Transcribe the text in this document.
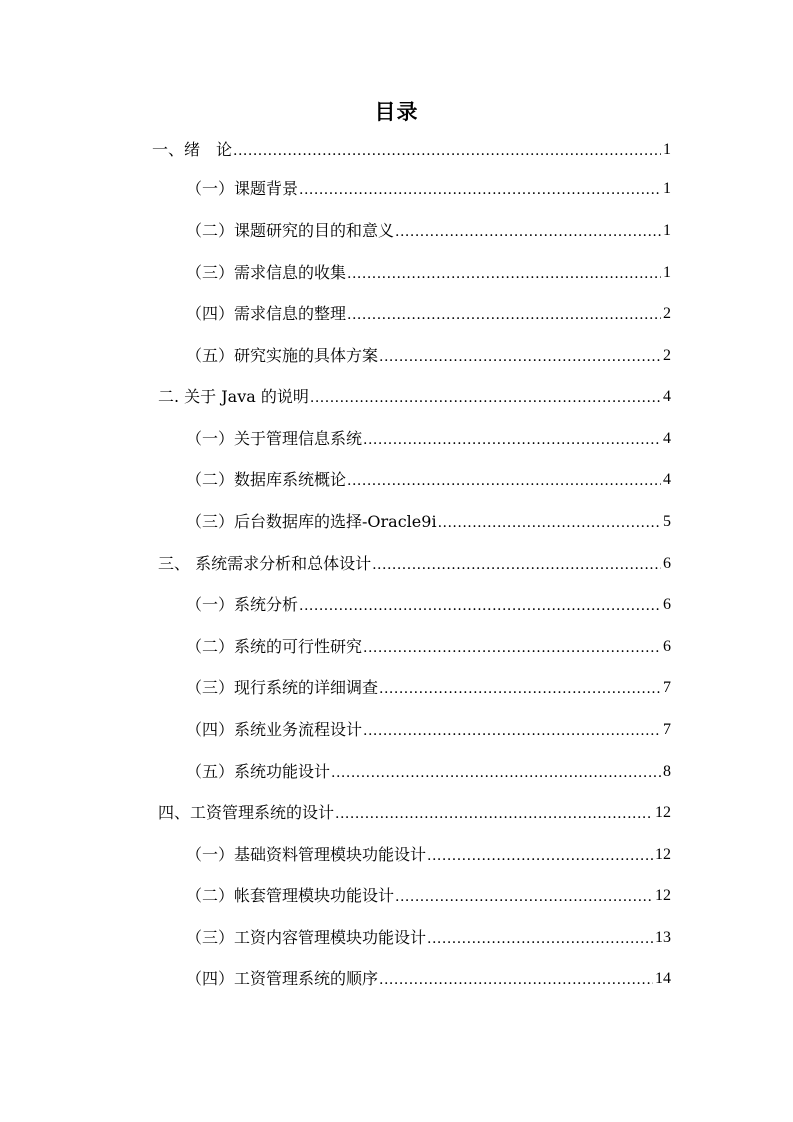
目录
一、绪　论 .....	1
（一）课题背景 .....	1
（二）课题研究的目的和意义 .....	1
（三）需求信息的收集 .....	1
（四）需求信息的整理 .....	2
（五）研究实施的具体方案 .....	2
二. 关于 Java 的说明 .....	4
（一）关于管理信息系统 .....	4
（二）数据库系统概论 .....	4
（三）后台数据库的选择-Oracle9i .....	5
三、 系统需求分析和总体设计 .....	6
（一）系统分析 .....	6
（二）系统的可行性研究 .....	6
（三）现行系统的详细调查 .....	7
（四）系统业务流程设计 .....	7
（五）系统功能设计 .....	8
四、工资管理系统的设计 .....	12
（一）基础资料管理模块功能设计 .....	12
（二）帐套管理模块功能设计 .....	12
（三）工资内容管理模块功能设计 .....	13
（四）工资管理系统的顺序 .....	14
